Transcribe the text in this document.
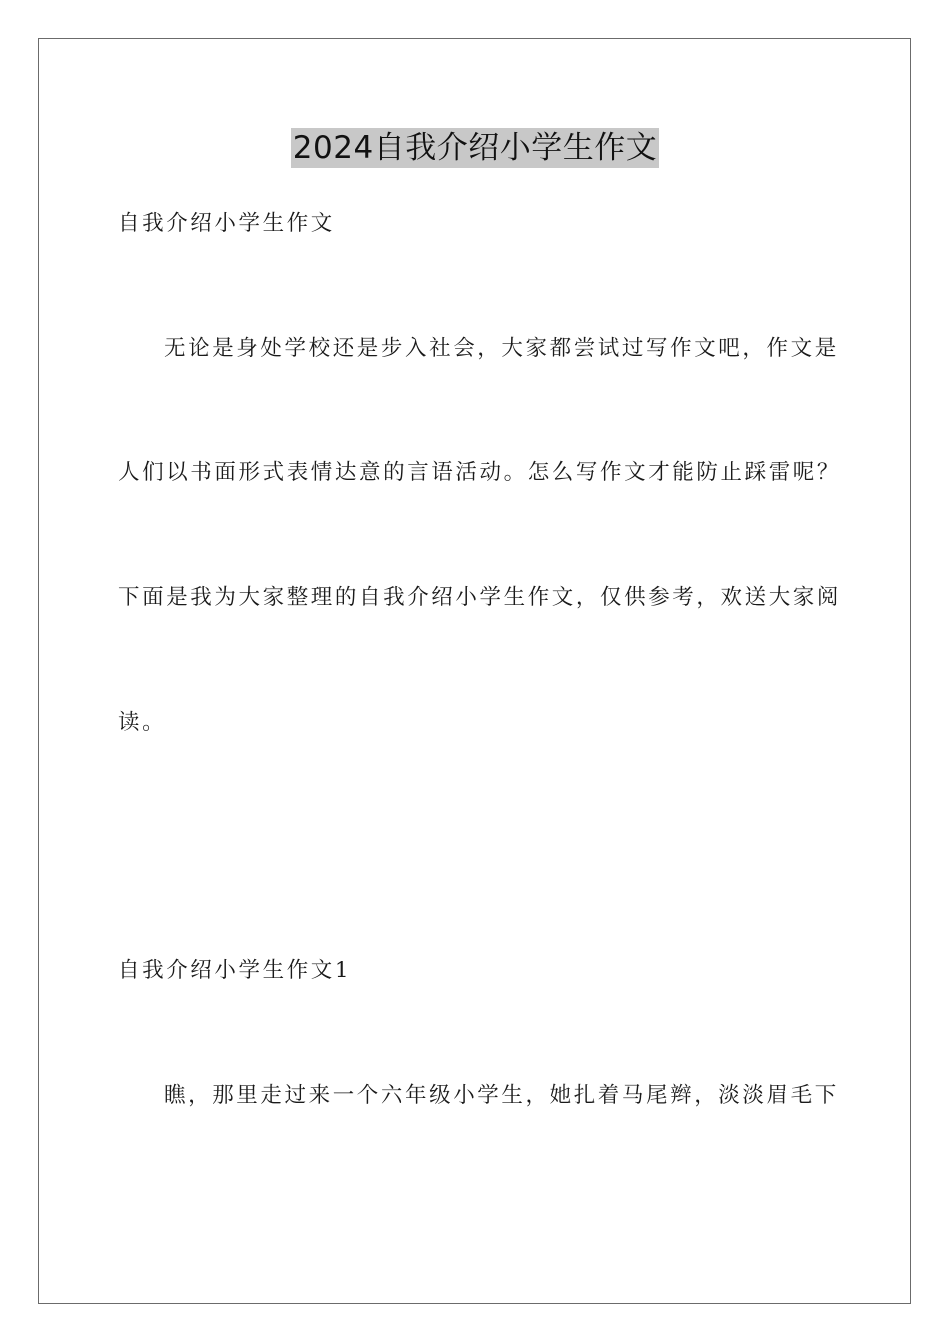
2024自我介绍小学生作文
自我介绍小学生作文
无论是身处学校还是步入社会，大家都尝试过写作文吧，作文是
人们以书面形式表情达意的言语活动。怎么写作文才能防止踩雷呢？
下面是我为大家整理的自我介绍小学生作文，仅供参考，欢送大家阅
读。
自我介绍小学生作文1
瞧，那里走过来一个六年级小学生，她扎着马尾辫，淡淡眉毛下
